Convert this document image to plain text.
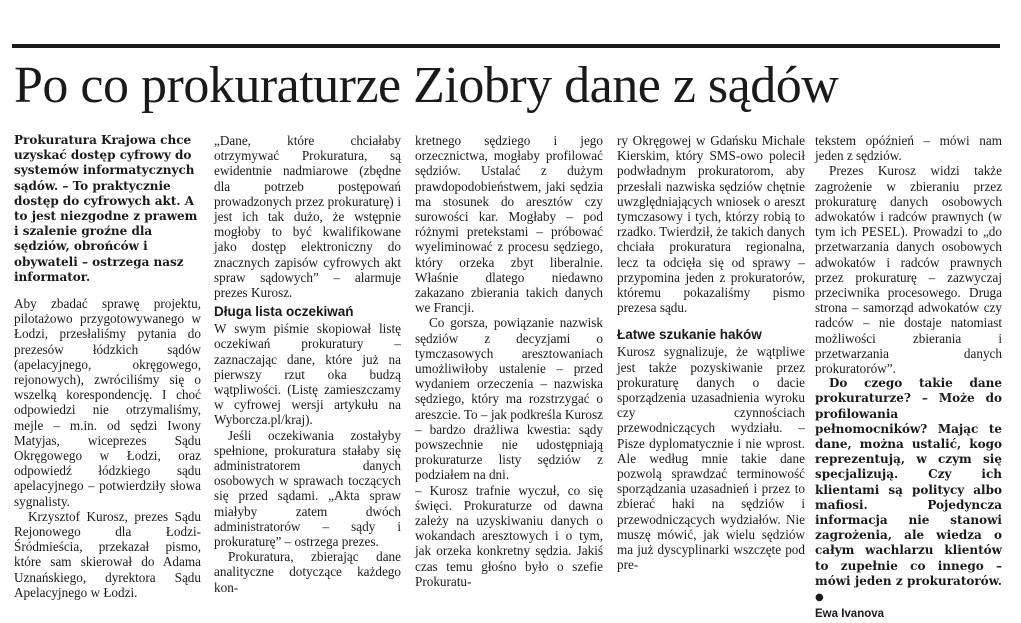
Po co prokuraturze Ziobry dane z sądów

Prokuratura Krajowa chce uzyskać dostęp cyfrowy do systemów informatycznych sądów. – To praktycznie dostęp do cyfrowych akt. A to jest niezgodne z prawem i szalenie groźne dla sędziów, obrońców i obywateli – ostrzega nasz informator.

Aby zbadać sprawę projektu, pilotażowo przygotowywanego w Łodzi, przesłaliśmy pytania do prezesów łódzkich sądów (apelacyjnego, okręgowego, rejonowych), zwróciliśmy się o wszelką korespondencję. I choć odpowiedzi nie otrzymaliśmy, mejle – m.in. od sędzi Iwony Matyjas, wiceprezes Sądu Okręgowego w Łodzi, oraz odpowiedź łódzkiego sądu apelacyjnego – potwierdziły słowa sygnalisty.

Krzysztof Kurosz, prezes Sądu Rejonowego dla Łodzi-Śródmieścia, przekazał pismo, które sam skierował do Adama Uznańskiego, dyrektora Sądu Apelacyjnego w Łodzi.

„Dane, które chciałaby otrzymywać Prokuratura, są ewidentnie nadmiarowe (zbędne dla potrzeb postępowań prowadzonych przez prokuraturę) i jest ich tak dużo, że wstępnie mogłoby to być kwalifikowane jako dostęp elektroniczny do znacznych zapisów cyfrowych akt spraw sądowych” – alarmuje prezes Kurosz.

Długa lista oczekiwań

W swym piśmie skopiował listę oczekiwań prokuratury – zaznaczając dane, które już na pierwszy rzut oka budzą wątpliwości. (Listę zamieszczamy w cyfrowej wersji artykułu na Wyborcza.pl/kraj).

Jeśli oczekiwania zostałyby spełnione, prokuratura stałaby się administratorem danych osobowych w sprawach toczących się przed sądami. „Akta spraw miałyby zatem dwóch administratorów – sądy i prokuraturę” – ostrzega prezes.

Prokuratura, zbierając dane analityczne dotyczące każdego kon-

kretnego sędziego i jego orzecznictwa, mogłaby profilować sędziów. Ustalać z dużym prawdopodobieństwem, jaki sędzia ma stosunek do aresztów czy surowości kar. Mogłaby – pod różnymi pretekstami – próbować wyeliminować z procesu sędziego, który orzeka zbyt liberalnie. Właśnie dlatego niedawno zakazano zbierania takich danych we Francji.

Co gorsza, powiązanie nazwisk sędziów z decyzjami o tymczasowych aresztowaniach umożliwiłoby ustalenie – przed wydaniem orzeczenia – nazwiska sędziego, który ma rozstrzygać o areszcie. To – jak podkreśla Kurosz – bardzo drażliwa kwestia: sądy powszechnie nie udostępniają prokuraturze listy sędziów z podziałem na dni.

– Kurosz trafnie wyczuł, co się święci. Prokuraturze od dawna zależy na uzyskiwaniu danych o wokandach aresztowych i o tym, jak orzeka konkretny sędzia. Jakiś czas temu głośno było o szefie Prokuratu-

ry Okręgowej w Gdańsku Michale Kierskim, który SMS-owo polecił podwładnym prokuratorom, aby przesłali nazwiska sędziów chętnie uwzględniających wniosek o areszt tymczasowy i tych, którzy robią to rzadko. Twierdził, że takich danych chciała prokuratura regionalna, lecz ta odcięła się od sprawy – przypomina jeden z prokuratorów, któremu pokazaliśmy pismo prezesa sądu.

Łatwe szukanie haków

Kurosz sygnalizuje, że wątpliwe jest także pozyskiwanie przez prokuraturę danych o dacie sporządzenia uzasadnienia wyroku czy czynnościach przewodniczących wydziału. – Pisze dyplomatycznie i nie wprost. Ale według mnie takie dane pozwolą sprawdzać terminowość sporządzania uzasadnień i przez to zbierać haki na sędziów i przewodniczących wydziałów. Nie muszę mówić, jak wielu sędziów ma już dyscyplinarki wszczęte pod pre-

tekstem opóźnień – mówi nam jeden z sędziów.

Prezes Kurosz widzi także zagrożenie w zbieraniu przez prokuraturę danych osobowych adwokatów i radców prawnych (w tym ich PESEL). Prowadzi to „do przetwarzania danych osobowych adwokatów i radców prawnych przez prokuraturę – zazwyczaj przeciwnika procesowego. Druga strona – samorząd adwokatów czy radców – nie dostaje natomiast możliwości zbierania i przetwarzania danych prokuratorów”.

Do czego takie dane prokuraturze? – Może do profilowania pełnomocników? Mając te dane, można ustalić, kogo reprezentują, w czym się specjalizują. Czy ich klientami są politycy albo mafiosi. Pojedyncza informacja nie stanowi zagrożenia, ale wiedza o całym wachlarzu klientów to zupełnie co innego – mówi jeden z prokuratorów. ●

Ewa Ivanova
